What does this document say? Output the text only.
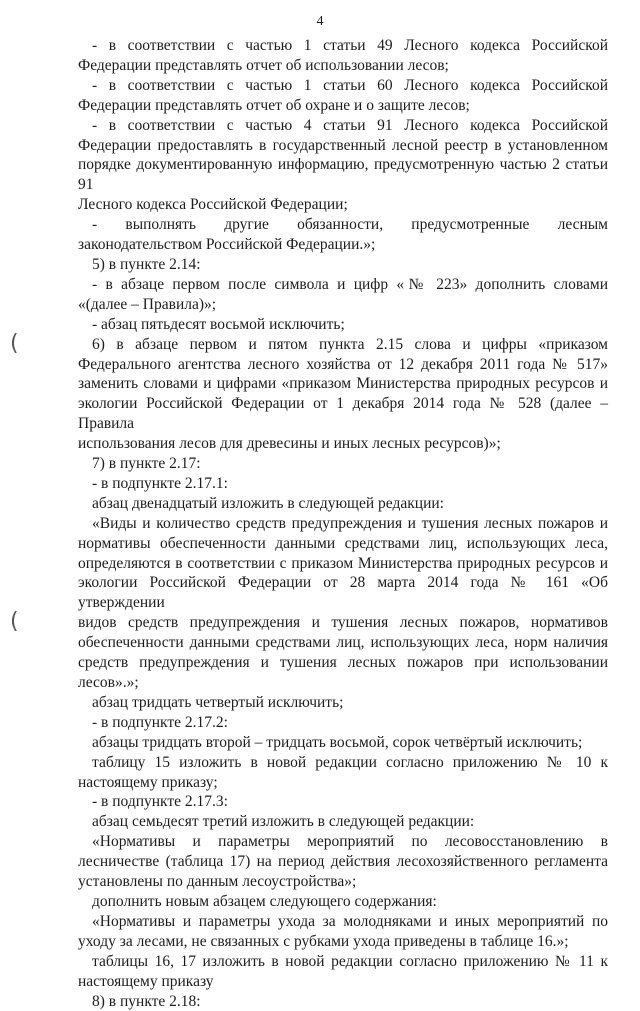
4
- в соответствии с частью 1 статьи 49 Лесного кодекса Российской
Федерации представлять отчет об использовании лесов;
- в соответствии с частью 1 статьи 60 Лесного кодекса Российской
Федерации представлять отчет об охране и о защите лесов;
- в соответствии с частью 4 статьи 91 Лесного кодекса Российской
Федерации предоставлять в государственный лесной реестр в установленном
порядке документированную информацию, предусмотренную частью 2 статьи 91
Лесного кодекса Российской Федерации;
- выполнять другие обязанности, предусмотренные лесным
законодательством Российской Федерации.»;
5) в пункте 2.14:
- в абзаце первом после символа и цифр «№ 223» дополнить словами
«(далее – Правила)»;
- абзац пятьдесят восьмой исключить;
6) в абзаце первом и пятом пункта 2.15 слова и цифры «приказом
Федерального агентства лесного хозяйства от 12 декабря 2011 года № 517»
заменить словами и цифрами «приказом Министерства природных ресурсов и
экологии Российской Федерации от 1 декабря 2014 года № 528 (далее – Правила
использования лесов для древесины и иных лесных ресурсов)»;
7) в пункте 2.17:
- в подпункте 2.17.1:
абзац двенадцатый изложить в следующей редакции:
«Виды и количество средств предупреждения и тушения лесных пожаров и
нормативы обеспеченности данными средствами лиц, использующих леса,
определяются в соответствии с приказом Министерства природных ресурсов и
экологии Российской Федерации от 28 марта 2014 года № 161 «Об утверждении
видов средств предупреждения и тушения лесных пожаров, нормативов
обеспеченности данными средствами лиц, использующих леса, норм наличия
средств предупреждения и тушения лесных пожаров при использовании лесов».»;
абзац тридцать четвертый исключить;
- в подпункте 2.17.2:
абзацы тридцать второй – тридцать восьмой, сорок четвёртый исключить;
таблицу 15 изложить в новой редакции согласно приложению № 10 к
настоящему приказу;
- в подпункте 2.17.3:
абзац семьдесят третий изложить в следующей редакции:
«Нормативы и параметры мероприятий по лесовосстановлению в
лесничестве (таблица 17) на период действия лесохозяйственного регламента
установлены по данным лесоустройства»;
дополнить новым абзацем следующего содержания:
«Нормативы и параметры ухода за молодняками и иных мероприятий по
уходу за лесами, не связанных с рубками ухода приведены в таблице 16.»;
таблицы 16, 17 изложить в новой редакции согласно приложению № 11 к
настоящему приказу
8) в пункте 2.18:
(
(
